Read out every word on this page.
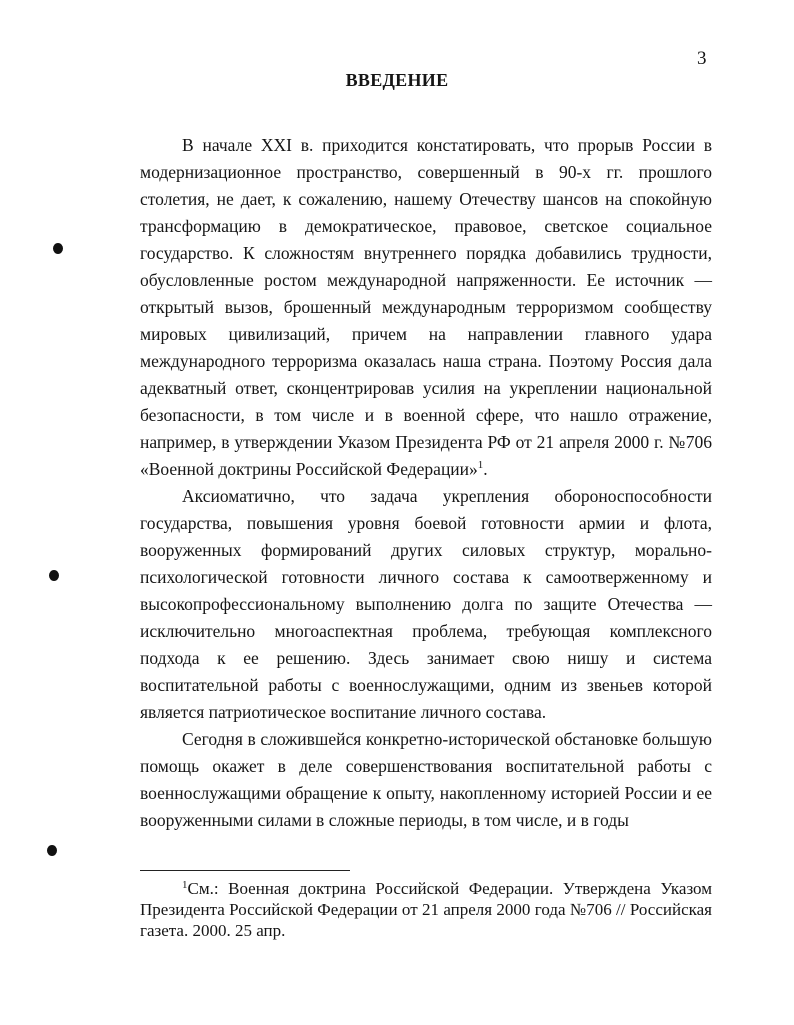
3
ВВЕДЕНИЕ

В начале XXI в. приходится констатировать, что прорыв России в модернизационное пространство, совершенный в 90-х гг. прошлого столетия, не дает, к сожалению, нашему Отечеству шансов на спокойную трансформацию в демократическое, правовое, светское социальное государство. К сложностям внутреннего порядка добавились трудности, обусловленные ростом международной напряженности. Ее источник — открытый вызов, брошенный международным терроризмом сообществу мировых цивилизаций, причем на направлении главного удара международного терроризма оказалась наша страна. Поэтому Россия дала адекватный ответ, сконцентрировав усилия на укреплении национальной безопасности, в том числе и в военной сфере, что нашло отражение, например, в утверждении Указом Президента РФ от 21 апреля 2000 г. №706 «Военной доктрины Российской Федерации»$^1$.

Аксиоматично, что задача укрепления обороноспособности государства, повышения уровня боевой готовности армии и флота, вооруженных формирований других силовых структур, морально-психологической готовности личного состава к самоотверженному и высокопрофессиональному выполнению долга по защите Отечества — исключительно многоаспектная проблема, требующая комплексного подхода к ее решению. Здесь занимает свою нишу и система воспитательной работы с военнослужащими, одним из звеньев которой является патриотическое воспитание личного состава.

Сегодня в сложившейся конкретно-исторической обстановке большую помощь окажет в деле совершенствования воспитательной работы с военнослужащими обращение к опыту, накопленному историей России и ее вооруженными силами в сложные периоды, в том числе, и в годы

$^1$См.: Военная доктрина Российской Федерации. Утверждена Указом Президента Российской Федерации от 21 апреля 2000 года №706 // Российская газета. 2000. 25 апр.
